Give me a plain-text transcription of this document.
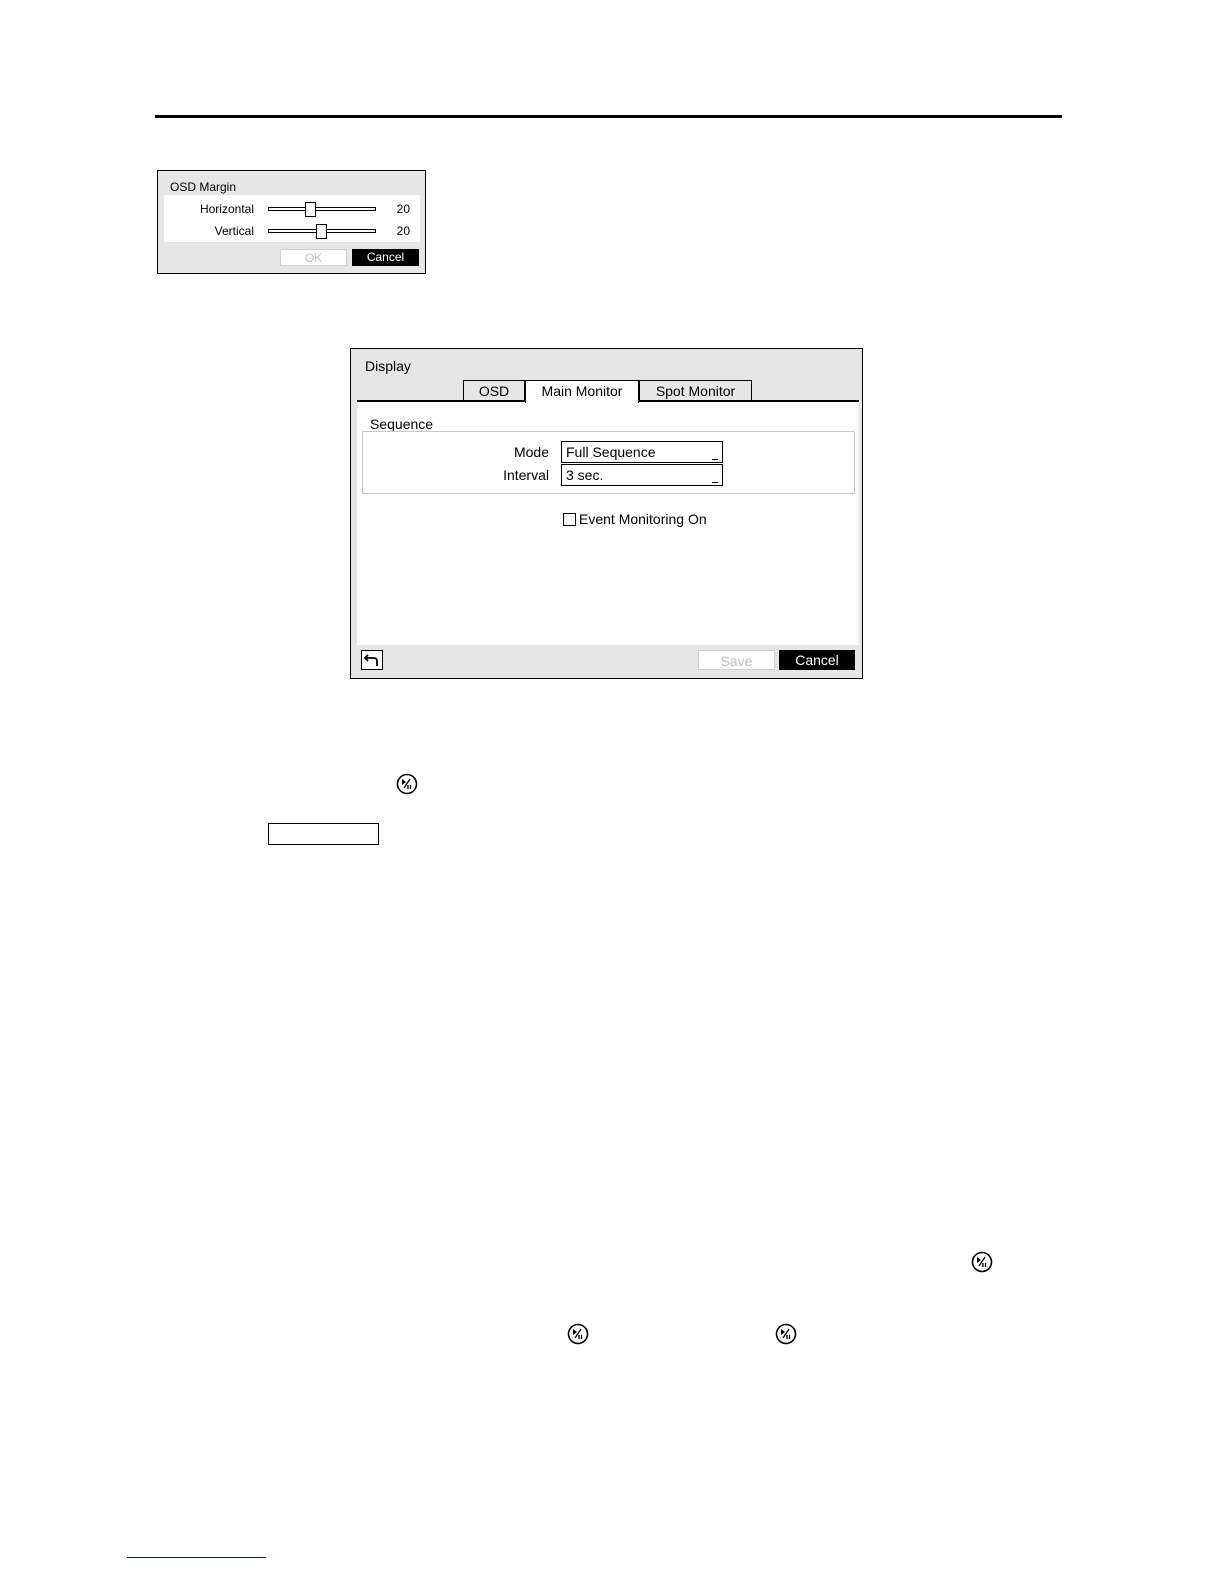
OSD Margin
Horizontal	20
Vertical	20
OK	Cancel
Display
OSD	Main Monitor	Spot Monitor
Sequence
Mode	Full Sequence
Interval	3 sec.
Event Monitoring On
Save	Cancel
